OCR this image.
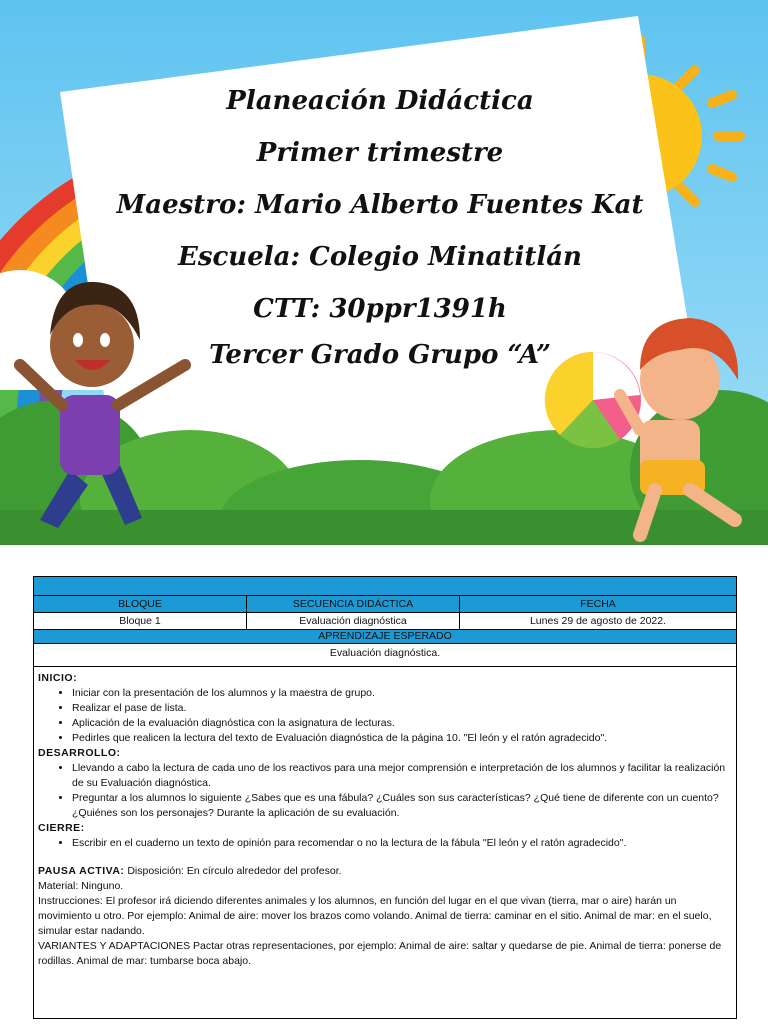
Planeación Didáctica
Primer trimestre
Maestro: Mario Alberto Fuentes Kat
Escuela: Colegio Minatitlán
CTT: 30ppr1391h
Tercer Grado Grupo “A”
BLOQUE	SECUENCIA DIDÁCTICA	FECHA
Bloque 1	Evaluación diagnóstica	Lunes 29 de agosto de 2022.
APRENDIZAJE ESPERADO
Evaluación diagnóstica.
INICIO:
• Iniciar con la presentación de los alumnos y la maestra de grupo.
• Realizar el pase de lista.
• Aplicación de la evaluación diagnóstica con la asignatura de lecturas.
• Pedirles que realicen la lectura del texto de Evaluación diagnóstica de la página 10. "El león y el ratón agradecido".
DESARROLLO:
• Llevando a cabo la lectura de cada uno de los reactivos para una mejor comprensión e interpretación de los alumnos y facilitar la realización de su Evaluación diagnóstica.
• Preguntar a los alumnos lo siguiente ¿Sabes que es una fábula? ¿Cuáles son sus características? ¿Qué tiene de diferente con un cuento? ¿Quiénes son los personajes? Durante la aplicación de su evaluación.
CIERRE:
• Escribir en el cuaderno un texto de opinión para recomendar o no la lectura de la fábula "El león y el ratón agradecido".

PAUSA ACTIVA: Disposición: En círculo alrededor del profesor.

Material: Ninguno.

Instrucciones: El profesor irá diciendo diferentes animales y los alumnos, en función del lugar en el que vivan (tierra, mar o aire) harán un movimiento u otro. Por ejemplo: Animal de aire: mover los brazos como volando. Animal de tierra: caminar en el sitio. Animal de mar: en el suelo, simular estar nadando.

VARIANTES Y ADAPTACIONES Pactar otras representaciones, por ejemplo: Animal de aire: saltar y quedarse de pie. Animal de tierra: ponerse de rodillas. Animal de mar: tumbarse boca abajo.
